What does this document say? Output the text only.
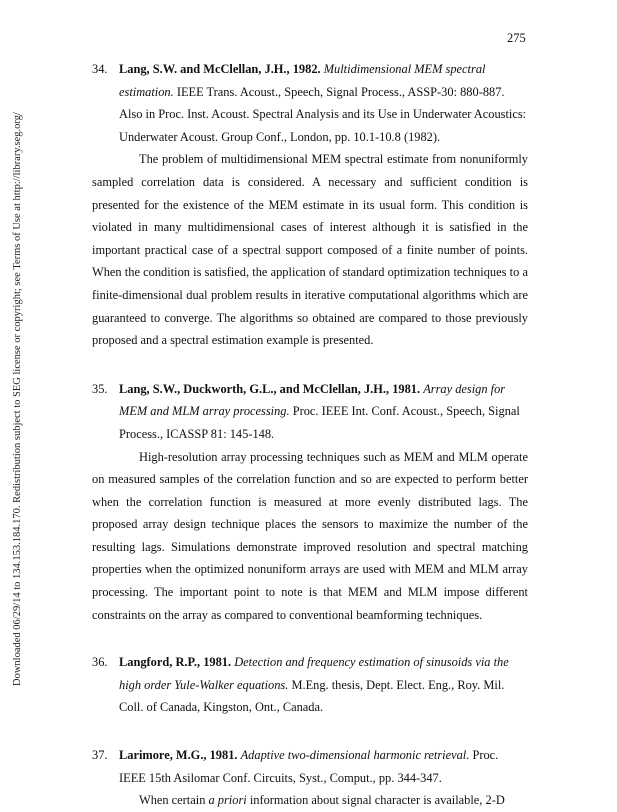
275
Downloaded 06/29/14 to 134.153.184.170. Redistribution subject to SEG license or copyright; see Terms of Use at http://library.seg.org/

34. Lang, S.W. and McClellan, J.H., 1982. Multidimensional MEM spectral estimation. IEEE Trans. Acoust., Speech, Signal Process., ASSP-30: 880-887. Also in Proc. Inst. Acoust. Spectral Analysis and its Use in Underwater Acoustics: Underwater Acoust. Group Conf., London, pp. 10.1-10.8 (1982).

The problem of multidimensional MEM spectral estimate from nonuniformly sampled correlation data is considered. A necessary and sufficient condition is presented for the existence of the MEM estimate in its usual form. This condition is violated in many multidimensional cases of interest although it is satisfied in the important practical case of a spectral support composed of a finite number of points. When the condition is satisfied, the application of standard optimization techniques to a finite-dimensional dual problem results in iterative computational algorithms which are guaranteed to converge. The algorithms so obtained are compared to those previously proposed and a spectral estimation example is presented.

35. Lang, S.W., Duckworth, G.L., and McClellan, J.H., 1981. Array design for MEM and MLM array processing. Proc. IEEE Int. Conf. Acoust., Speech, Signal Process., ICASSP 81: 145-148.

High-resolution array processing techniques such as MEM and MLM operate on measured samples of the correlation function and so are expected to perform better when the correlation function is measured at more evenly distributed lags. The proposed array design technique places the sensors to maximize the number of the resulting lags. Simulations demonstrate improved resolution and spectral matching properties when the optimized nonuniform arrays are used with MEM and MLM array processing. The important point to note is that MEM and MLM impose different constraints on the array as compared to conventional beamforming techniques.

36. Langford, R.P., 1981. Detection and frequency estimation of sinusoids via the high order Yule-Walker equations. M.Eng. thesis, Dept. Elect. Eng., Roy. Mil. Coll. of Canada, Kingston, Ont., Canada.

37. Larimore, M.G., 1981. Adaptive two-dimensional harmonic retrieval. Proc. IEEE 15th Asilomar Conf. Circuits, Syst., Comput., pp. 344-347.

When certain a priori information about signal character is available, 2-D
